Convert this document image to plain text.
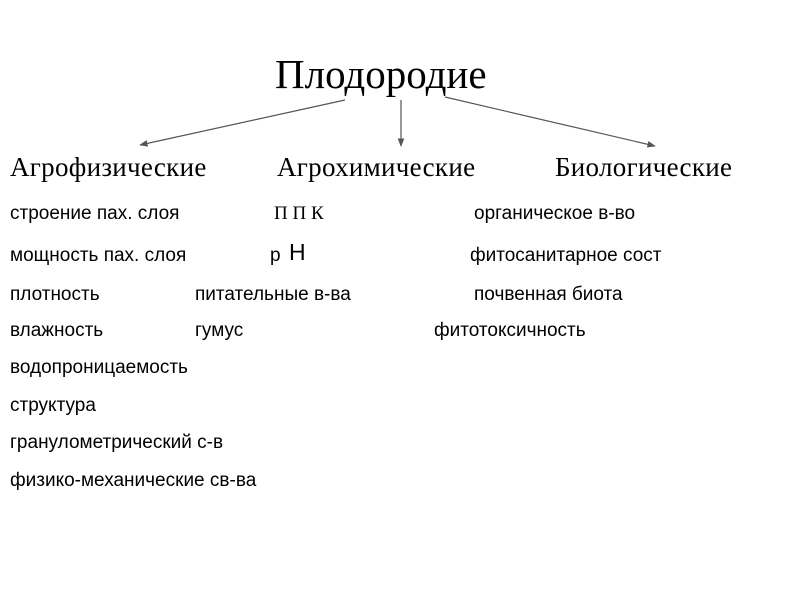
Плодородие
Агрофизические	Агрохимические	Биологические
строение пах. слоя	П П К	органическое в-во
мощность пах. слоя	р Н	фитосанитарное сост
плотность	питательные в-ва	почвенная биота
влажность	гумус	фитотоксичность
водопроницаемость
структура
гранулометрический с-в
физико-механические св-ва
